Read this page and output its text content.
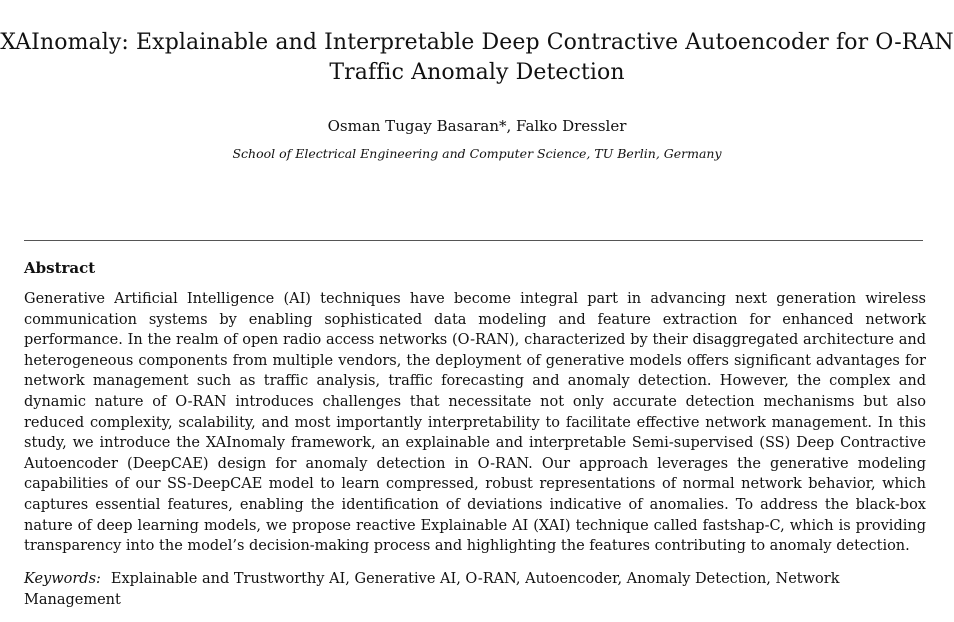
XAInomaly: Explainable and Interpretable Deep Contractive Autoencoder for O-RAN
Traffic Anomaly Detection
Osman Tugay Basaran*, Falko Dressler
School of Electrical Engineering and Computer Science, TU Berlin, Germany
Abstract
Generative Artificial Intelligence (AI) techniques have become integral part in advancing next generation wireless communication systems by enabling sophisticated data modeling and feature extraction for enhanced network performance. In the realm of open radio access networks (O-RAN), characterized by their disaggregated architecture and heterogeneous components from multiple vendors, the deployment of generative models offers significant advantages for network management such as traffic analysis, traffic forecasting and anomaly detection. However, the complex and dynamic nature of O-RAN introduces challenges that necessitate not only accurate detection mechanisms but also reduced complexity, scalability, and most importantly interpretability to facilitate effective network management. In this study, we introduce the XAInomaly framework, an explainable and interpretable Semi-supervised (SS) Deep Contractive Autoencoder (DeepCAE) design for anomaly detection in O-RAN. Our approach leverages the generative modeling capabilities of our SS-DeepCAE model to learn compressed, robust representations of normal network behavior, which captures essential features, enabling the identification of deviations indicative of anomalies. To address the black-box nature of deep learning models, we propose reactive Explainable AI (XAI) technique called fastshap-C, which is providing transparency into the model’s decision-making process and highlighting the features contributing to anomaly detection.
Keywords: Explainable and Trustworthy AI, Generative AI, O-RAN, Autoencoder, Anomaly Detection, Network Management
